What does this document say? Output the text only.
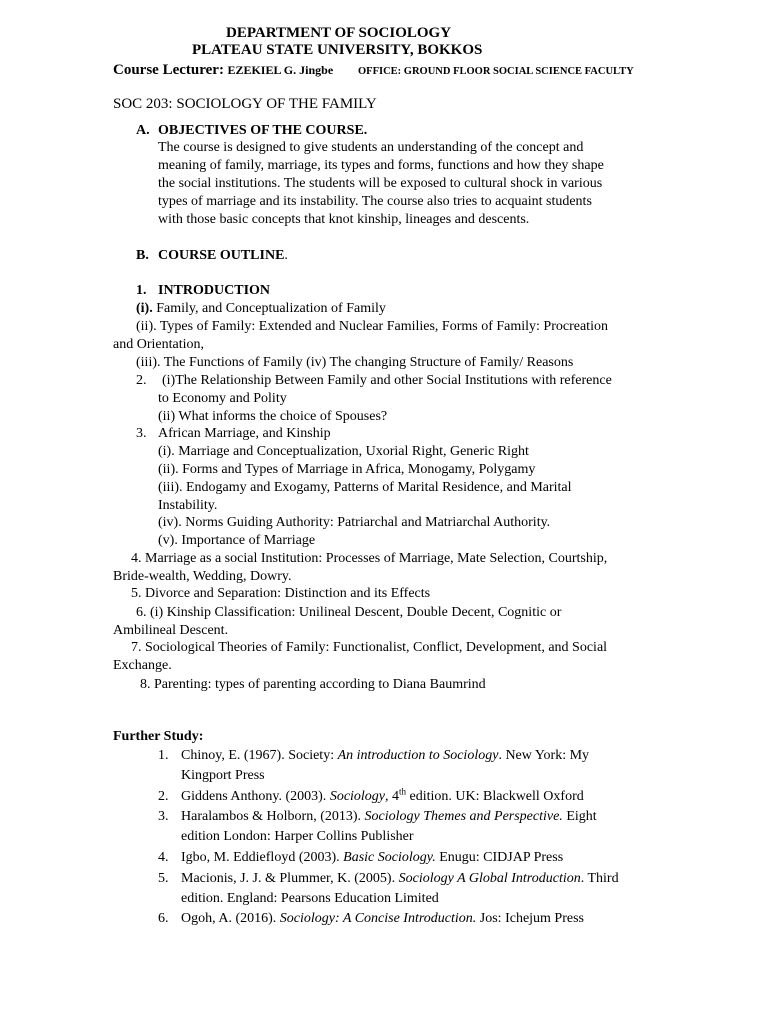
DEPARTMENT OF SOCIOLOGY
PLATEAU STATE UNIVERSITY, BOKKOS
Course Lecturer: EZEKIEL G. Jingbe OFFICE: GROUND FLOOR SOCIAL SCIENCE FACULTY
SOC 203: SOCIOLOGY OF THE FAMILY
A. OBJECTIVES OF THE COURSE.
The course is designed to give students an understanding of the concept and
meaning of family, marriage, its types and forms, functions and how they shape
the social institutions. The students will be exposed to cultural shock in various
types of marriage and its instability. The course also tries to acquaint students
with those basic concepts that knot kinship, lineages and descents.
B. COURSE OUTLINE.
1. INTRODUCTION
(i). Family, and Conceptualization of Family
(ii). Types of Family: Extended and Nuclear Families, Forms of Family: Procreation
and Orientation,
(iii). The Functions of Family (iv) The changing Structure of Family/ Reasons
2. (i)The Relationship Between Family and other Social Institutions with reference
to Economy and Polity
(ii) What informs the choice of Spouses?
3. African Marriage, and Kinship
(i). Marriage and Conceptualization, Uxorial Right, Generic Right
(ii). Forms and Types of Marriage in Africa, Monogamy, Polygamy
(iii). Endogamy and Exogamy, Patterns of Marital Residence, and Marital
Instability.
(iv). Norms Guiding Authority: Patriarchal and Matriarchal Authority.
(v). Importance of Marriage
4. Marriage as a social Institution: Processes of Marriage, Mate Selection, Courtship,
Bride-wealth, Wedding, Dowry.
5. Divorce and Separation: Distinction and its Effects
6. (i) Kinship Classification: Unilineal Descent, Double Decent, Cognitic or
Ambilineal Descent.
7. Sociological Theories of Family: Functionalist, Conflict, Development, and Social
Exchange.
8. Parenting: types of parenting according to Diana Baumrind
Further Study:
1. Chinoy, E. (1967). Society: An introduction to Sociology. New York: My
Kingport Press
2. Giddens Anthony. (2003). Sociology, 4th edition. UK: Blackwell Oxford
3. Haralambos & Holborn, (2013). Sociology Themes and Perspective. Eight
edition London: Harper Collins Publisher
4. Igbo, M. Eddiefloyd (2003). Basic Sociology. Enugu: CIDJAP Press
5. Macionis, J. J. & Plummer, K. (2005). Sociology A Global Introduction. Third
edition. England: Pearsons Education Limited
6. Ogoh, A. (2016). Sociology: A Concise Introduction. Jos: Ichejum Press
